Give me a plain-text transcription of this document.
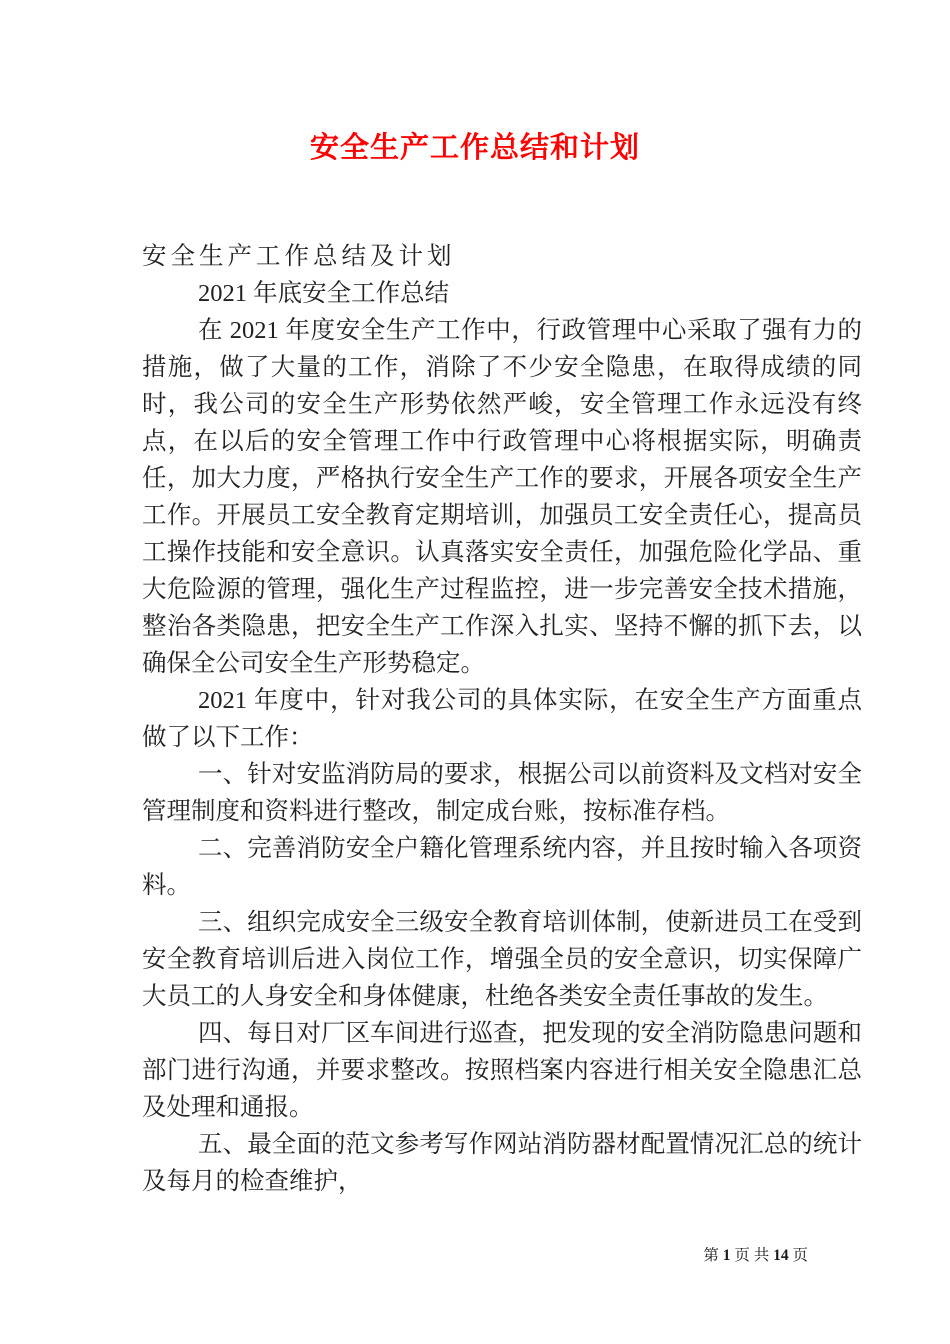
安全生产工作总结和计划

安全生产工作总结及计划

2021 年底安全工作总结

在 2021 年度安全生产工作中，行政管理中心采取了强有力的措施，做了大量的工作，消除了不少安全隐患，在取得成绩的同时，我公司的安全生产形势依然严峻，安全管理工作永远没有终点，在以后的安全管理工作中行政管理中心将根据实际，明确责任，加大力度，严格执行安全生产工作的要求，开展各项安全生产工作。开展员工安全教育定期培训，加强员工安全责任心，提高员工操作技能和安全意识。认真落实安全责任，加强危险化学品、重大危险源的管理，强化生产过程监控，进一步完善安全技术措施，整治各类隐患，把安全生产工作深入扎实、坚持不懈的抓下去，以确保全公司安全生产形势稳定。

2021 年度中，针对我公司的具体实际，在安全生产方面重点做了以下工作：

一、针对安监消防局的要求，根据公司以前资料及文档对安全管理制度和资料进行整改，制定成台账，按标准存档。

二、完善消防安全户籍化管理系统内容，并且按时输入各项资料。

三、组织完成安全三级安全教育培训体制，使新进员工在受到安全教育培训后进入岗位工作，增强全员的安全意识，切实保障广大员工的人身安全和身体健康，杜绝各类安全责任事故的发生。

四、每日对厂区车间进行巡查，把发现的安全消防隐患问题和部门进行沟通，并要求整改。按照档案内容进行相关安全隐患汇总及处理和通报。

五、最全面的范文参考写作网站消防器材配置情况汇总的统计及每月的检查维护，

第 1 页 共 14 页
